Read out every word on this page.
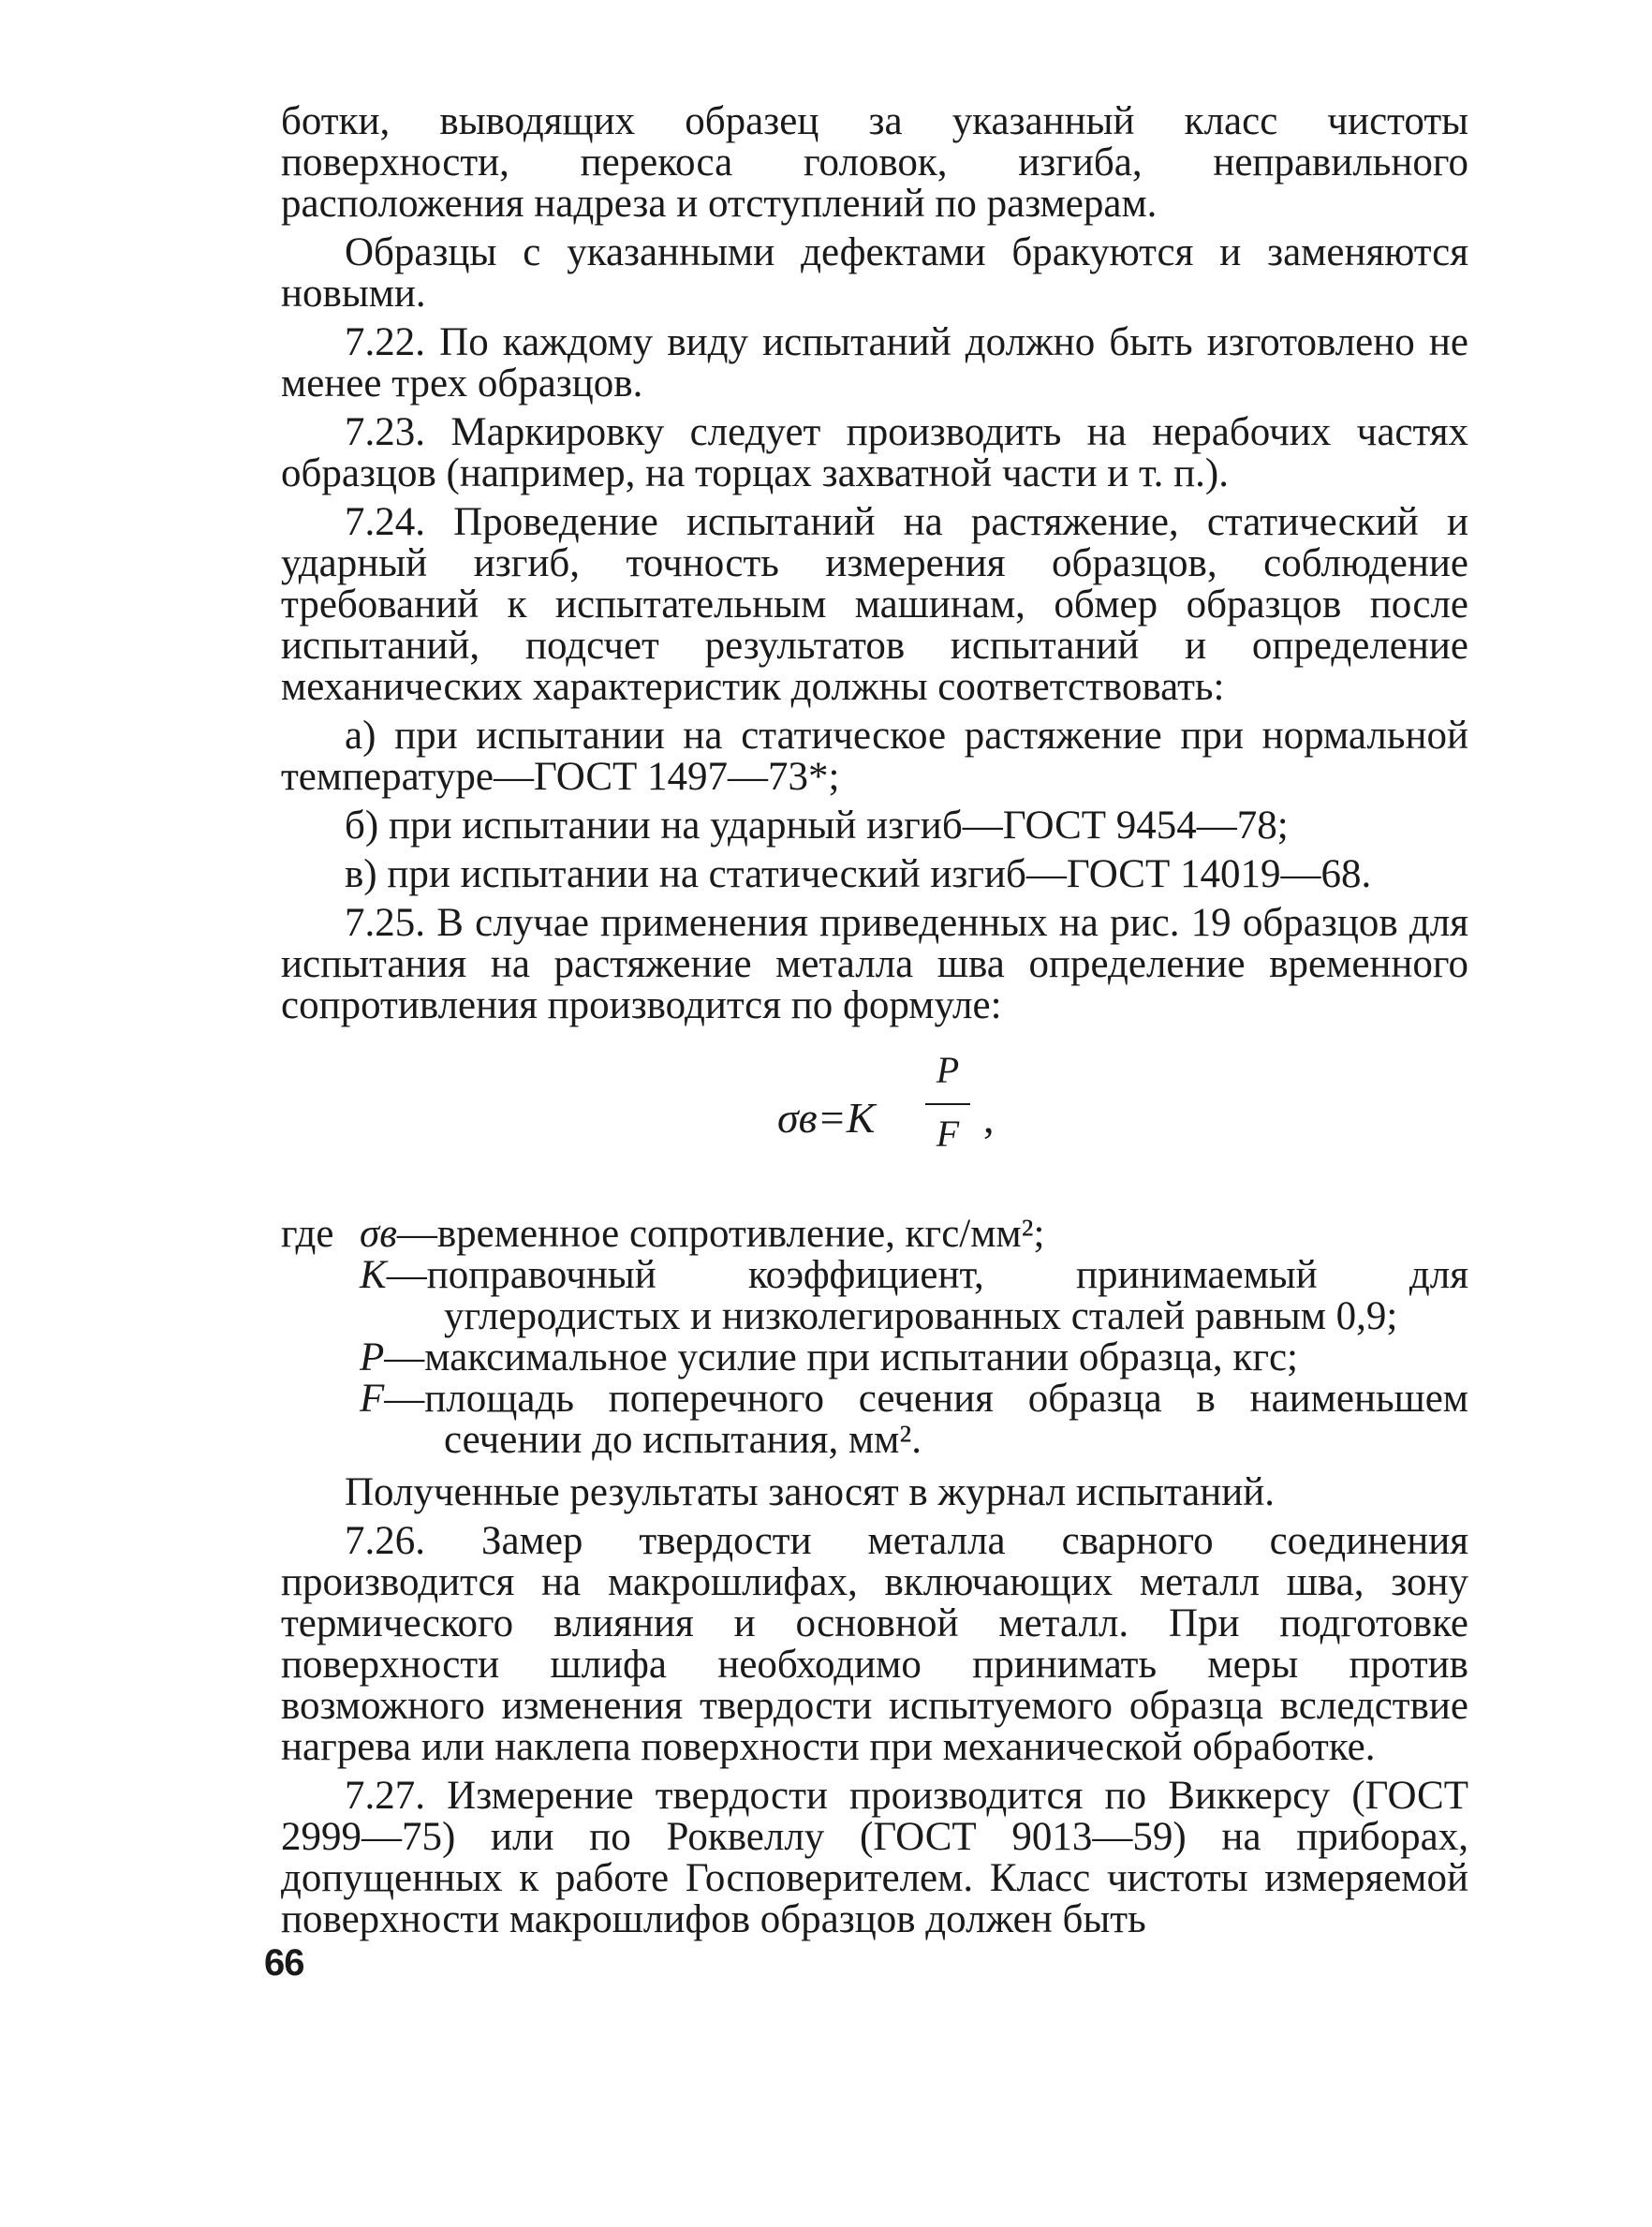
ботки, выводящих образец за указанный класс чистоты поверхности, перекоса головок, изгиба, неправильного расположения надреза и отступлений по размерам.

Образцы с указанными дефектами бракуются и заменяются новыми.

7.22. По каждому виду испытаний должно быть изготовлено не менее трех образцов.

7.23. Маркировку следует производить на нерабочих частях образцов (например, на торцах захватной части и т. п.).

7.24. Проведение испытаний на растяжение, статический и ударный изгиб, точность измерения образцов, соблюдение требований к испытательным машинам, обмер образцов после испытаний, подсчет результатов испытаний и определение механических характеристик должны соответствовать:

а) при испытании на статическое растяжение при нормальной температуре—ГОСТ 1497—73*;

б) при испытании на ударный изгиб—ГОСТ 9454—78;

в) при испытании на статический изгиб—ГОСТ 14019—68.

7.25. В случае применения приведенных на рис. 19 образцов для испытания на растяжение металла шва определение временного сопротивления производится по формуле:

σв=K
P
F ,
где σв—временное сопротивление, кгс/мм²;

K—поправочный коэффициент, принимаемый для углеродистых и низколегированных сталей равным 0,9;

P—максимальное усилие при испытании образца, кгс;

F—площадь поперечного сечения образца в наименьшем сечении до испытания, мм².

Полученные результаты заносят в журнал испытаний.

7.26. Замер твердости металла сварного соединения производится на макрошлифах, включающих металл шва, зону термического влияния и основной металл. При подготовке поверхности шлифа необходимо принимать меры против возможного изменения твердости испытуемого образца вследствие нагрева или наклепа поверхности при механической обработке.

7.27. Измерение твердости производится по Виккерсу (ГОСТ 2999—75) или по Роквеллу (ГОСТ 9013—59) на приборах, допущенных к работе Госповерителем. Класс чистоты измеряемой поверхности макрошлифов образцов должен быть

66
